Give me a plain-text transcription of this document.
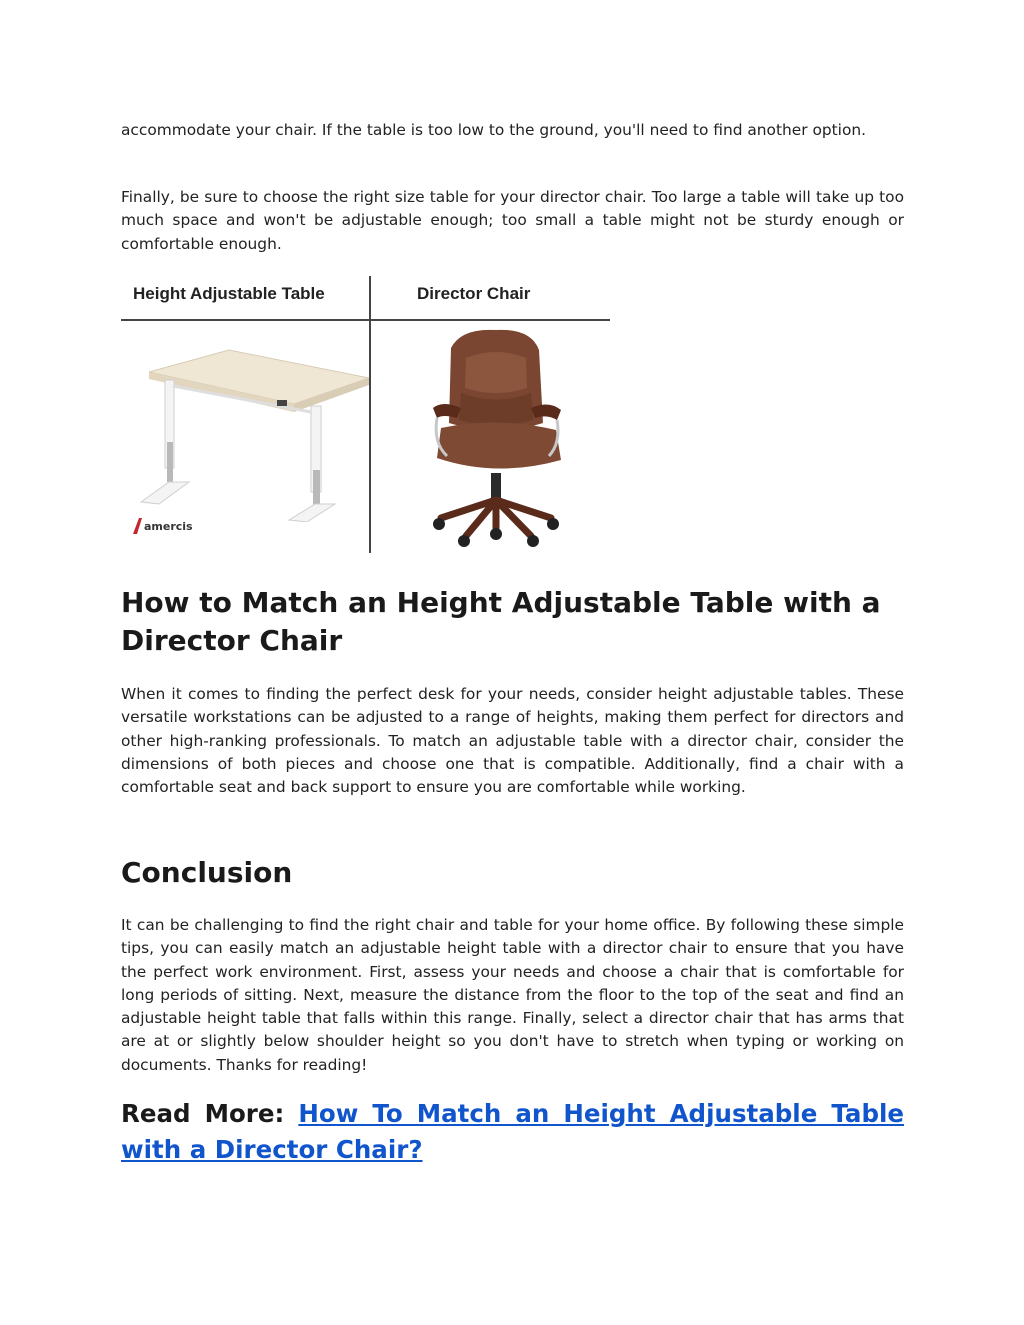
accommodate your chair. If the table is too low to the ground, you'll need to find another option.

Finally, be sure to choose the right size table for your director chair. Too large a table will take up too much space and won't be adjustable enough; too small a table might not be sturdy enough or comfortable enough.

How to Match an Height Adjustable Table with a Director Chair

When it comes to finding the perfect desk for your needs, consider height adjustable tables. These versatile workstations can be adjusted to a range of heights, making them perfect for directors and other high-ranking professionals. To match an adjustable table with a director chair, consider the dimensions of both pieces and choose one that is compatible. Additionally, find a chair with a comfortable seat and back support to ensure you are comfortable while working.

Conclusion

It can be challenging to find the right chair and table for your home office. By following these simple tips, you can easily match an adjustable height table with a director chair to ensure that you have the perfect work environment. First, assess your needs and choose a chair that is comfortable for long periods of sitting. Next, measure the distance from the floor to the top of the seat and find an adjustable height table that falls within this range. Finally, select a director chair that has arms that are at or slightly below shoulder height so you don't have to stretch when typing or working on documents. Thanks for reading!

Read More: How To Match an Height Adjustable Table with a Director Chair?

Height Adjustable Table	Director Chair
amercis
